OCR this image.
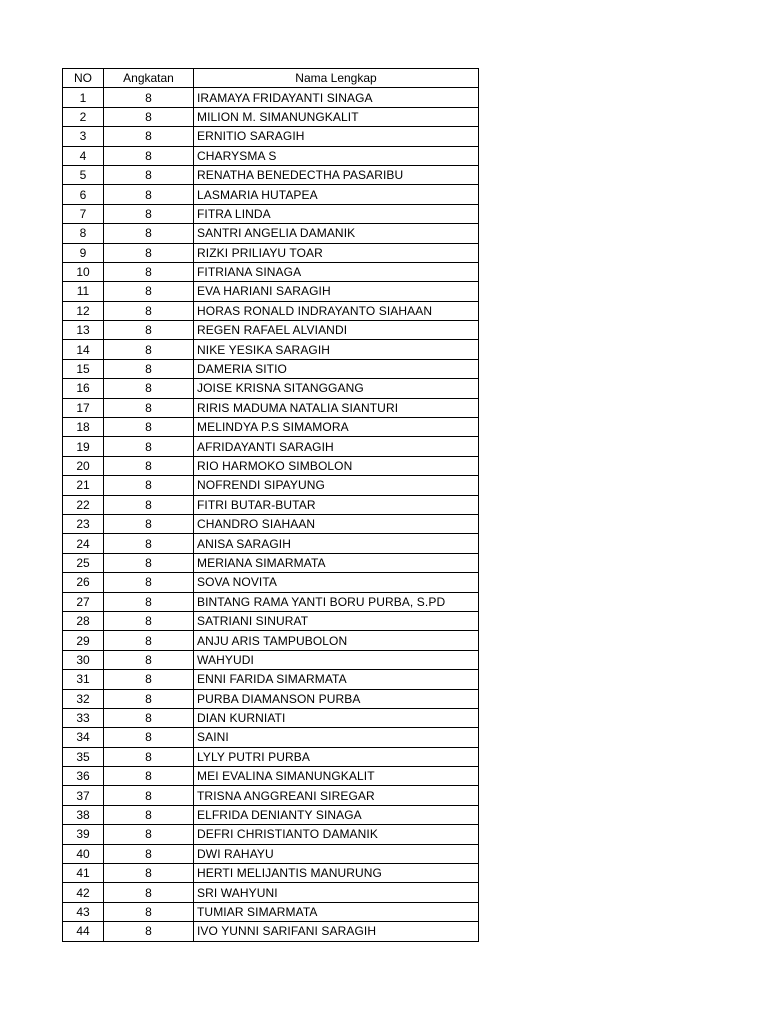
NO	Angkatan	Nama Lengkap
1	8	IRAMAYA FRIDAYANTI SINAGA
2	8	MILION M. SIMANUNGKALIT
3	8	ERNITIO SARAGIH
4	8	CHARYSMA S
5	8	RENATHA BENEDECTHA PASARIBU
6	8	LASMARIA HUTAPEA
7	8	FITRA LINDA
8	8	SANTRI ANGELIA DAMANIK
9	8	RIZKI PRILIAYU TOAR
10	8	FITRIANA SINAGA
11	8	EVA HARIANI SARAGIH
12	8	HORAS RONALD INDRAYANTO SIAHAAN
13	8	REGEN RAFAEL ALVIANDI
14	8	NIKE YESIKA SARAGIH
15	8	DAMERIA SITIO
16	8	JOISE KRISNA SITANGGANG
17	8	RIRIS MADUMA NATALIA SIANTURI
18	8	MELINDYA P.S SIMAMORA
19	8	AFRIDAYANTI SARAGIH
20	8	RIO HARMOKO SIMBOLON
21	8	NOFRENDI SIPAYUNG
22	8	FITRI BUTAR-BUTAR
23	8	CHANDRO SIAHAAN
24	8	ANISA SARAGIH
25	8	MERIANA SIMARMATA
26	8	SOVA NOVITA
27	8	BINTANG RAMA YANTI BORU PURBA, S.PD
28	8	SATRIANI SINURAT
29	8	ANJU ARIS TAMPUBOLON
30	8	WAHYUDI
31	8	ENNI FARIDA SIMARMATA
32	8	PURBA DIAMANSON PURBA
33	8	DIAN KURNIATI
34	8	SAINI
35	8	LYLY PUTRI PURBA
36	8	MEI EVALINA SIMANUNGKALIT
37	8	TRISNA ANGGREANI SIREGAR
38	8	ELFRIDA DENIANTY SINAGA
39	8	DEFRI CHRISTIANTO DAMANIK
40	8	DWI RAHAYU
41	8	HERTI MELIJANTIS MANURUNG
42	8	SRI WAHYUNI
43	8	TUMIAR SIMARMATA
44	8	IVO YUNNI SARIFANI SARAGIH
